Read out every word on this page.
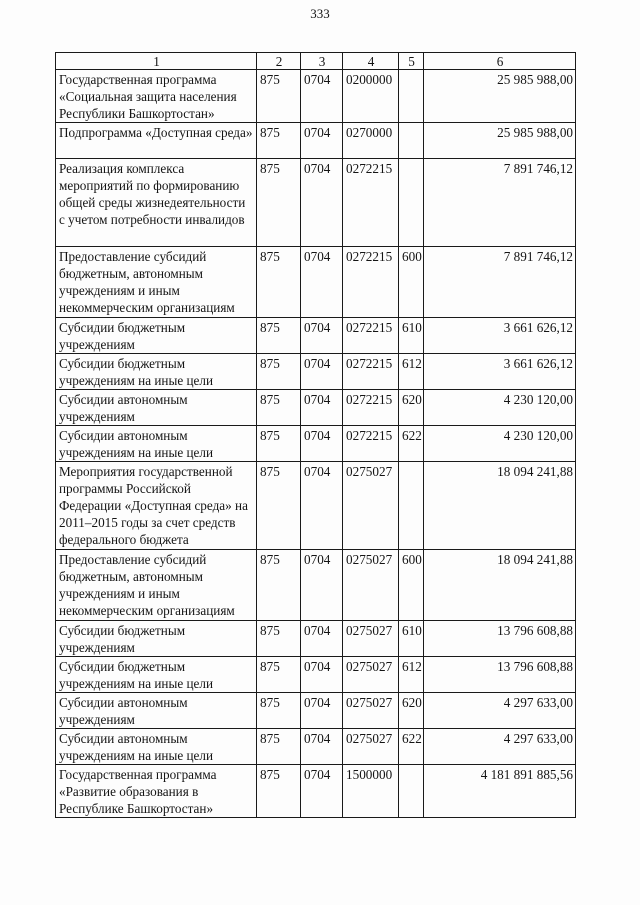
333
1	2	3	4	5	6
Государственная программа «Социальная защита населения Республики Башкортостан»	875	0704	0200000		25 985 988,00
Подпрограмма «Доступная среда»	875	0704	0270000		25 985 988,00
Реализация комплекса мероприятий по формированию общей среды жизнедеятельности с учетом потребности инвалидов	875	0704	0272215		7 891 746,12
Предоставление субсидий бюджетным, автономным учреждениям и иным некоммерческим организациям	875	0704	0272215	600	7 891 746,12
Субсидии бюджетным учреждениям	875	0704	0272215	610	3 661 626,12
Субсидии бюджетным учреждениям на иные цели	875	0704	0272215	612	3 661 626,12
Субсидии автономным учреждениям	875	0704	0272215	620	4 230 120,00
Субсидии автономным учреждениям на иные цели	875	0704	0272215	622	4 230 120,00
Мероприятия государственной программы Российской Федерации «Доступная среда» на 2011–2015 годы за счет средств федерального бюджета	875	0704	0275027		18 094 241,88
Предоставление субсидий бюджетным, автономным учреждениям и иным некоммерческим организациям	875	0704	0275027	600	18 094 241,88
Субсидии бюджетным учреждениям	875	0704	0275027	610	13 796 608,88
Субсидии бюджетным учреждениям на иные цели	875	0704	0275027	612	13 796 608,88
Субсидии автономным учреждениям	875	0704	0275027	620	4 297 633,00
Субсидии автономным учреждениям на иные цели	875	0704	0275027	622	4 297 633,00
Государственная программа «Развитие образования в Республике Башкортостан»	875	0704	1500000		4 181 891 885,56
